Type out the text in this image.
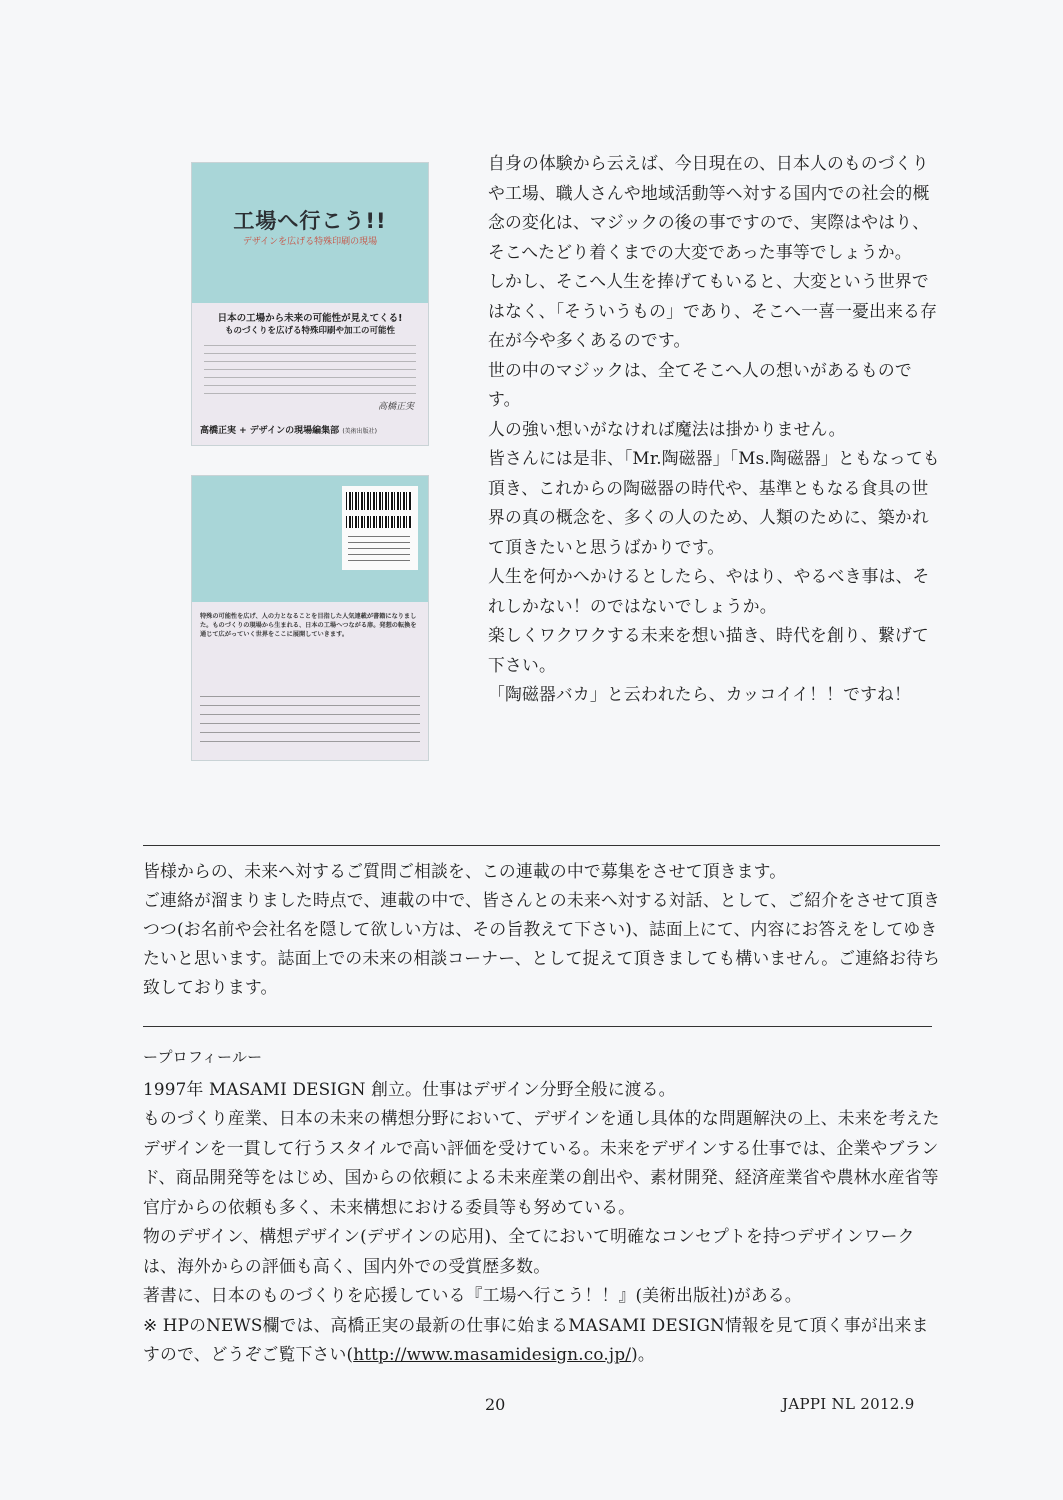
工場へ行こう!!
デザインを広げる特殊印刷の現場
日本の工場から未来の可能性が見えてくる!
ものづくりを広げる特殊印刷や加工の可能性
高橋正実
高橋正実 + デザインの現場編集部 (美術出版社)
特殊の可能性を広げ、人の力となることを目指した人気連載が書籍になりました。ものづくりの現場から生まれる、日本の工場へつながる扉。発想の転換を通じて広がっていく世界をここに展開していきます。

自身の体験から云えば、今日現在の、日本人のものづくりや工場、職人さんや地域活動等へ対する国内での社会的概念の変化は、マジックの後の事ですので、実際はやはり、そこへたどり着くまでの大変であった事等でしょうか。

しかし、そこへ人生を捧げてもいると、大変という世界ではなく、「そういうもの」であり、そこへ一喜一憂出来る存在が今や多くあるのです。

世の中のマジックは、全てそこへ人の想いがあるものです。

人の強い想いがなければ魔法は掛かりません。

皆さんには是非、「Mr.陶磁器」「Ms.陶磁器」ともなっても頂き、これからの陶磁器の時代や、基準ともなる食具の世界の真の概念を、多くの人のため、人類のために、築かれて頂きたいと思うばかりです。

人生を何かへかけるとしたら、やはり、やるべき事は、それしかない！のではないでしょうか。

楽しくワクワクする未来を想い描き、時代を創り、繋げて下さい。

「陶磁器バカ」と云われたら、カッコイイ！！ですね！

皆様からの、未来へ対するご質問ご相談を、この連載の中で募集をさせて頂きます。

ご連絡が溜まりました時点で、連載の中で、皆さんとの未来へ対する対話、として、ご紹介をさせて頂きつつ(お名前や会社名を隠して欲しい方は、その旨教えて下さい)、誌面上にて、内容にお答えをしてゆきたいと思います。誌面上での未来の相談コーナー、として捉えて頂きましても構いません。ご連絡お待ち致しております。

ープロフィールー

1997年 MASAMI DESIGN 創立。仕事はデザイン分野全般に渡る。

ものづくり産業、日本の未来の構想分野において、デザインを通し具体的な問題解決の上、未来を考えたデザインを一貫して行うスタイルで高い評価を受けている。未来をデザインする仕事では、企業やブランド、商品開発等をはじめ、国からの依頼による未来産業の創出や、素材開発、経済産業省や農林水産省等官庁からの依頼も多く、未来構想における委員等も努めている。

物のデザイン、構想デザイン(デザインの応用)、全てにおいて明確なコンセプトを持つデザインワークは、海外からの評価も高く、国内外での受賞歴多数。

著書に、日本のものづくりを応援している『工場へ行こう！！』(美術出版社)がある。

※ HPのNEWS欄では、高橋正実の最新の仕事に始まるMASAMI DESIGN情報を見て頂く事が出来ますので、どうぞご覧下さい(http://www.masamidesign.co.jp/)。

20	JAPPI NL 2012.9
